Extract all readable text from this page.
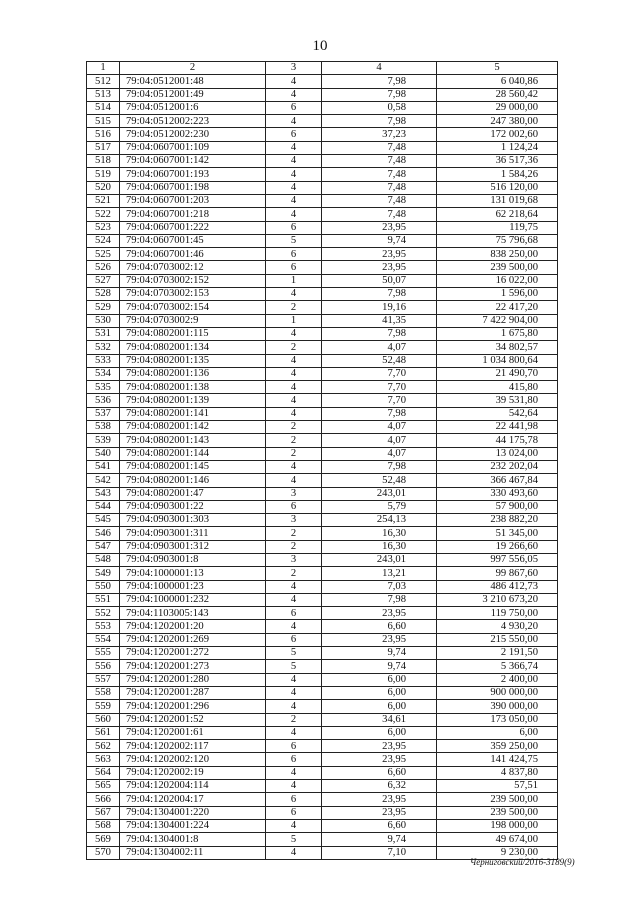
10
1	2	3	4	5
512	79:04:0512001:48	4	7,98	6 040,86
513	79:04:0512001:49	4	7,98	28 560,42
514	79:04:0512001:6	6	0,58	29 000,00
515	79:04:0512002:223	4	7,98	247 380,00
516	79:04:0512002:230	6	37,23	172 002,60
517	79:04:0607001:109	4	7,48	1 124,24
518	79:04:0607001:142	4	7,48	36 517,36
519	79:04:0607001:193	4	7,48	1 584,26
520	79:04:0607001:198	4	7,48	516 120,00
521	79:04:0607001:203	4	7,48	131 019,68
522	79:04:0607001:218	4	7,48	62 218,64
523	79:04:0607001:222	6	23,95	119,75
524	79:04:0607001:45	5	9,74	75 796,68
525	79:04:0607001:46	6	23,95	838 250,00
526	79:04:0703002:12	6	23,95	239 500,00
527	79:04:0703002:152	1	50,07	16 022,00
528	79:04:0703002:153	4	7,98	1 596,00
529	79:04:0703002:154	2	19,16	22 417,20
530	79:04:0703002:9	1	41,35	7 422 904,00
531	79:04:0802001:115	4	7,98	1 675,80
532	79:04:0802001:134	2	4,07	34 802,57
533	79:04:0802001:135	4	52,48	1 034 800,64
534	79:04:0802001:136	4	7,70	21 490,70
535	79:04:0802001:138	4	7,70	415,80
536	79:04:0802001:139	4	7,70	39 531,80
537	79:04:0802001:141	4	7,98	542,64
538	79:04:0802001:142	2	4,07	22 441,98
539	79:04:0802001:143	2	4,07	44 175,78
540	79:04:0802001:144	2	4,07	13 024,00
541	79:04:0802001:145	4	7,98	232 202,04
542	79:04:0802001:146	4	52,48	366 467,84
543	79:04:0802001:47	3	243,01	330 493,60
544	79:04:0903001:22	6	5,79	57 900,00
545	79:04:0903001:303	3	254,13	238 882,20
546	79:04:0903001:311	2	16,30	51 345,00
547	79:04:0903001:312	2	16,30	19 266,60
548	79:04:0903001:8	3	243,01	997 556,05
549	79:04:1000001:13	2	13,21	99 867,60
550	79:04:1000001:23	4	7,03	486 412,73
551	79:04:1000001:232	4	7,98	3 210 673,20
552	79:04:1103005:143	6	23,95	119 750,00
553	79:04:1202001:20	4	6,60	4 930,20
554	79:04:1202001:269	6	23,95	215 550,00
555	79:04:1202001:272	5	9,74	2 191,50
556	79:04:1202001:273	5	9,74	5 366,74
557	79:04:1202001:280	4	6,00	2 400,00
558	79:04:1202001:287	4	6,00	900 000,00
559	79:04:1202001:296	4	6,00	390 000,00
560	79:04:1202001:52	2	34,61	173 050,00
561	79:04:1202001:61	4	6,00	6,00
562	79:04:1202002:117	6	23,95	359 250,00
563	79:04:1202002:120	6	23,95	141 424,75
564	79:04:1202002:19	4	6,60	4 837,80
565	79:04:1202004:114	4	6,32	57,51
566	79:04:1202004:17	6	23,95	239 500,00
567	79:04:1304001:220	6	23,95	239 500,00
568	79:04:1304001:224	4	6,60	198 000,00
569	79:04:1304001:8	5	9,74	49 674,00
570	79:04:1304002:11	4	7,10	9 230,00
Черниговский/2016-3189(9)
